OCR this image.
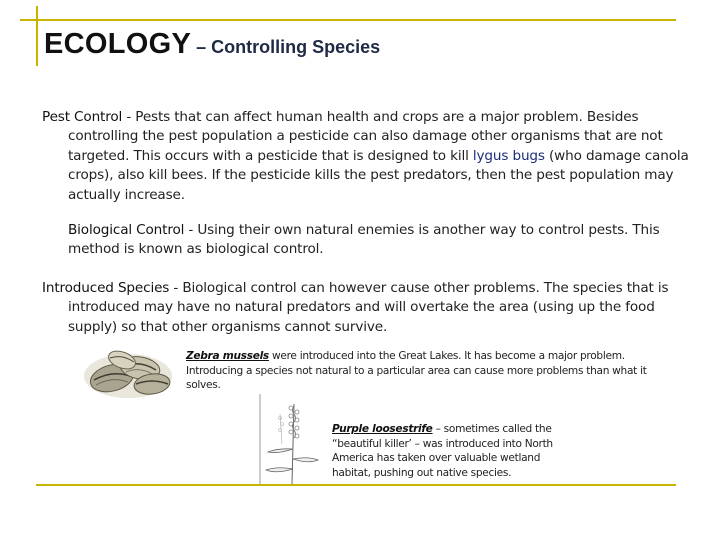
ECOLOGY – Controlling Species
Pest Control - Pests that can affect human health and crops are a major problem. Besides controlling the pest population a pesticide can also damage other organisms that are not targeted. This occurs with a pesticide that is designed to kill lygus bugs (who damage canola crops), also kill bees. If the pesticide kills the pest predators, then the pest population may actually increase.
Biological Control - Using their own natural enemies is another way to control pests. This method is known as biological control.
Introduced Species - Biological control can however cause other problems. The species that is introduced may have no natural predators and will overtake the area (using up the food supply) so that other organisms cannot survive.
Zebra mussels were introduced into the Great Lakes. It has become a major problem. Introducing a species not natural to a particular area can cause more problems than what it solves.
Purple loosestrife – sometimes called the “beautiful killer’ – was introduced into North America has taken over valuable wetland habitat, pushing out native species.
